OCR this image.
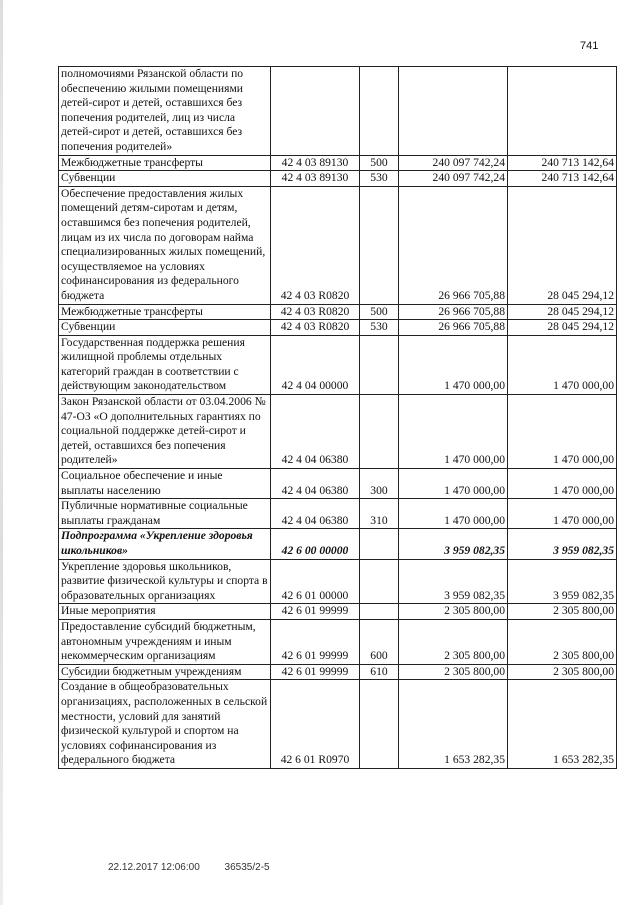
741
полномочиями Рязанской области по обеспечению жилыми помещениями детей-сирот и детей, оставшихся без попечения родителей, лиц из числа детей-сирот и детей, оставшихся без попечения родителей»				
Межбюджетные трансферты	42 4 03 89130	500	240 097 742,24	240 713 142,64
Субвенции	42 4 03 89130	530	240 097 742,24	240 713 142,64
Обеспечение предоставления жилых помещений детям-сиротам и детям, оставшимся без попечения родителей, лицам из их числа по договорам найма специализированных жилых помещений, осуществляемое на условиях софинансирования из федерального бюджета	42 4 03 R0820		26 966 705,88	28 045 294,12
Межбюджетные трансферты	42 4 03 R0820	500	26 966 705,88	28 045 294,12
Субвенции	42 4 03 R0820	530	26 966 705,88	28 045 294,12
Государственная поддержка решения жилищной проблемы отдельных категорий граждан в соответствии с действующим законодательством	42 4 04 00000		1 470 000,00	1 470 000,00
Закон Рязанской области от 03.04.2006 № 47-ОЗ «О дополнительных гарантиях по социальной поддержке детей-сирот и детей, оставшихся без попечения родителей»	42 4 04 06380		1 470 000,00	1 470 000,00
Социальное обеспечение и иные выплаты населению	42 4 04 06380	300	1 470 000,00	1 470 000,00
Публичные нормативные социальные выплаты гражданам	42 4 04 06380	310	1 470 000,00	1 470 000,00
Подпрограмма «Укрепление здоровья школьников»	42 6 00 00000		3 959 082,35	3 959 082,35
Укрепление здоровья школьников, развитие физической культуры и спорта в образовательных организациях	42 6 01 00000		3 959 082,35	3 959 082,35
Иные мероприятия	42 6 01 99999		2 305 800,00	2 305 800,00
Предоставление субсидий бюджетным, автономным учреждениям и иным некоммерческим организациям	42 6 01 99999	600	2 305 800,00	2 305 800,00
Субсидии бюджетным учреждениям	42 6 01 99999	610	2 305 800,00	2 305 800,00
Создание в общеобразовательных организациях, расположенных в сельской местности, условий для занятий физической культурой и спортом на условиях софинансирования из федерального бюджета	42 6 01 R0970		1 653 282,35	1 653 282,35
22.12.2017 12:06:00 36535/2-5
